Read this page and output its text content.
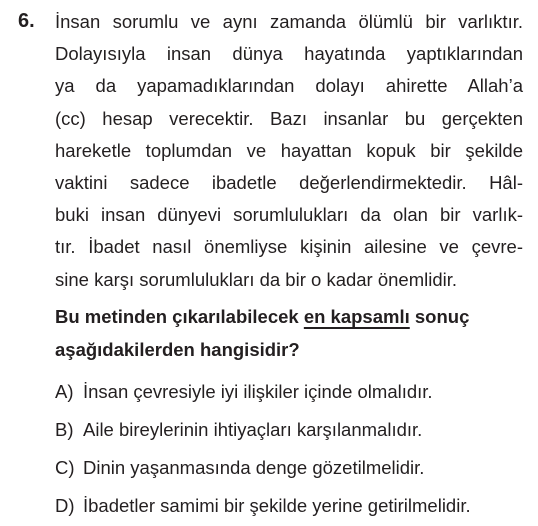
6. İnsan sorumlu ve aynı zamanda ölümlü bir varlıktır.
Dolayısıyla insan dünya hayatında yaptıklarından
ya da yapamadıklarından dolayı ahirette Allah’a
(cc) hesap verecektir. Bazı insanlar bu gerçekten
hareketle toplumdan ve hayattan kopuk bir şekilde
vaktini sadece ibadetle değerlendirmektedir. Hâl-
buki insan dünyevi sorumlulukları da olan bir varlık-
tır. İbadet nasıl önemliyse kişinin ailesine ve çevre-
sine karşı sorumlulukları da bir o kadar önemlidir.
Bu metinden çıkarılabilecek en kapsamlı sonuç
aşağıdakilerden hangisidir?
A) İnsan çevresiyle iyi ilişkiler içinde olmalıdır.
B) Aile bireylerinin ihtiyaçları karşılanmalıdır.
C) Dinin yaşanmasında denge gözetilmelidir.
D) İbadetler samimi bir şekilde yerine getirilmelidir.
